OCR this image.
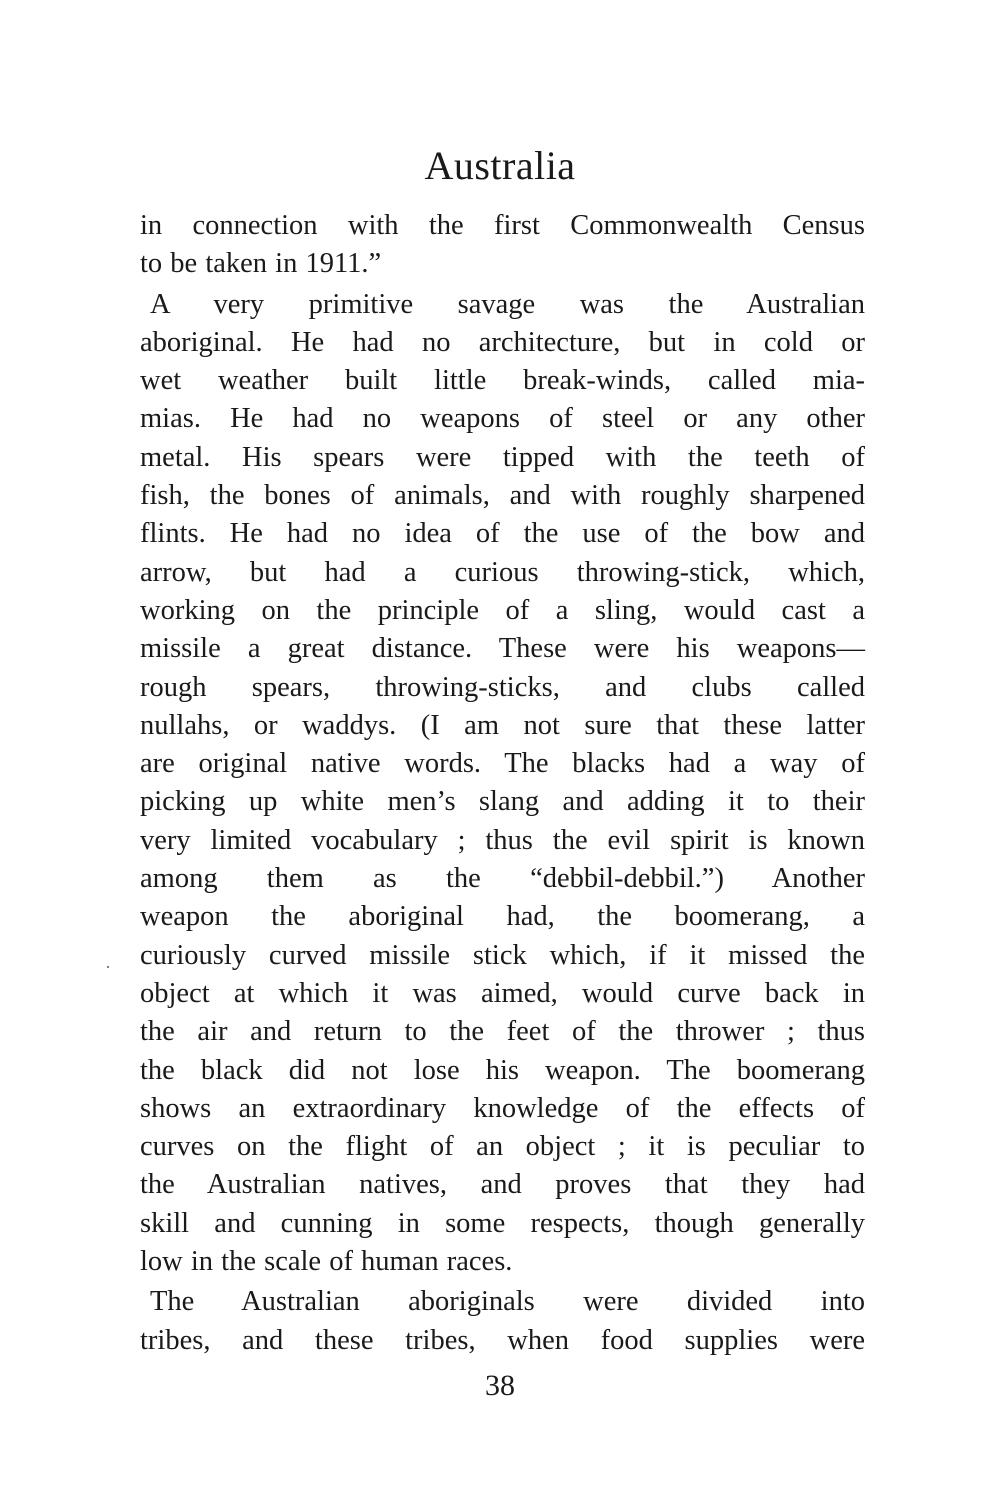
Australia
in connection with the first Commonwealth Census
to be taken in 1911.”
A very primitive savage was the Australian
aboriginal. He had no architecture, but in cold or
wet weather built little break-winds, called mia-
mias. He had no weapons of steel or any other
metal. His spears were tipped with the teeth of
fish, the bones of animals, and with roughly sharpened
flints. He had no idea of the use of the bow and
arrow, but had a curious throwing-stick, which,
working on the principle of a sling, would cast a
missile a great distance. These were his weapons—
rough spears, throwing-sticks, and clubs called
nullahs, or waddys. (I am not sure that these latter
are original native words. The blacks had a way of
picking up white men’s slang and adding it to their
very limited vocabulary ; thus the evil spirit is known
among them as the “debbil-debbil.”) Another
weapon the aboriginal had, the boomerang, a
curiously curved missile stick which, if it missed the
object at which it was aimed, would curve back in
the air and return to the feet of the thrower ; thus
the black did not lose his weapon. The boomerang
shows an extraordinary knowledge of the effects of
curves on the flight of an object ; it is peculiar to
the Australian natives, and proves that they had
skill and cunning in some respects, though generally
low in the scale of human races.
The Australian aboriginals were divided into
tribes, and these tribes, when food supplies were
38
